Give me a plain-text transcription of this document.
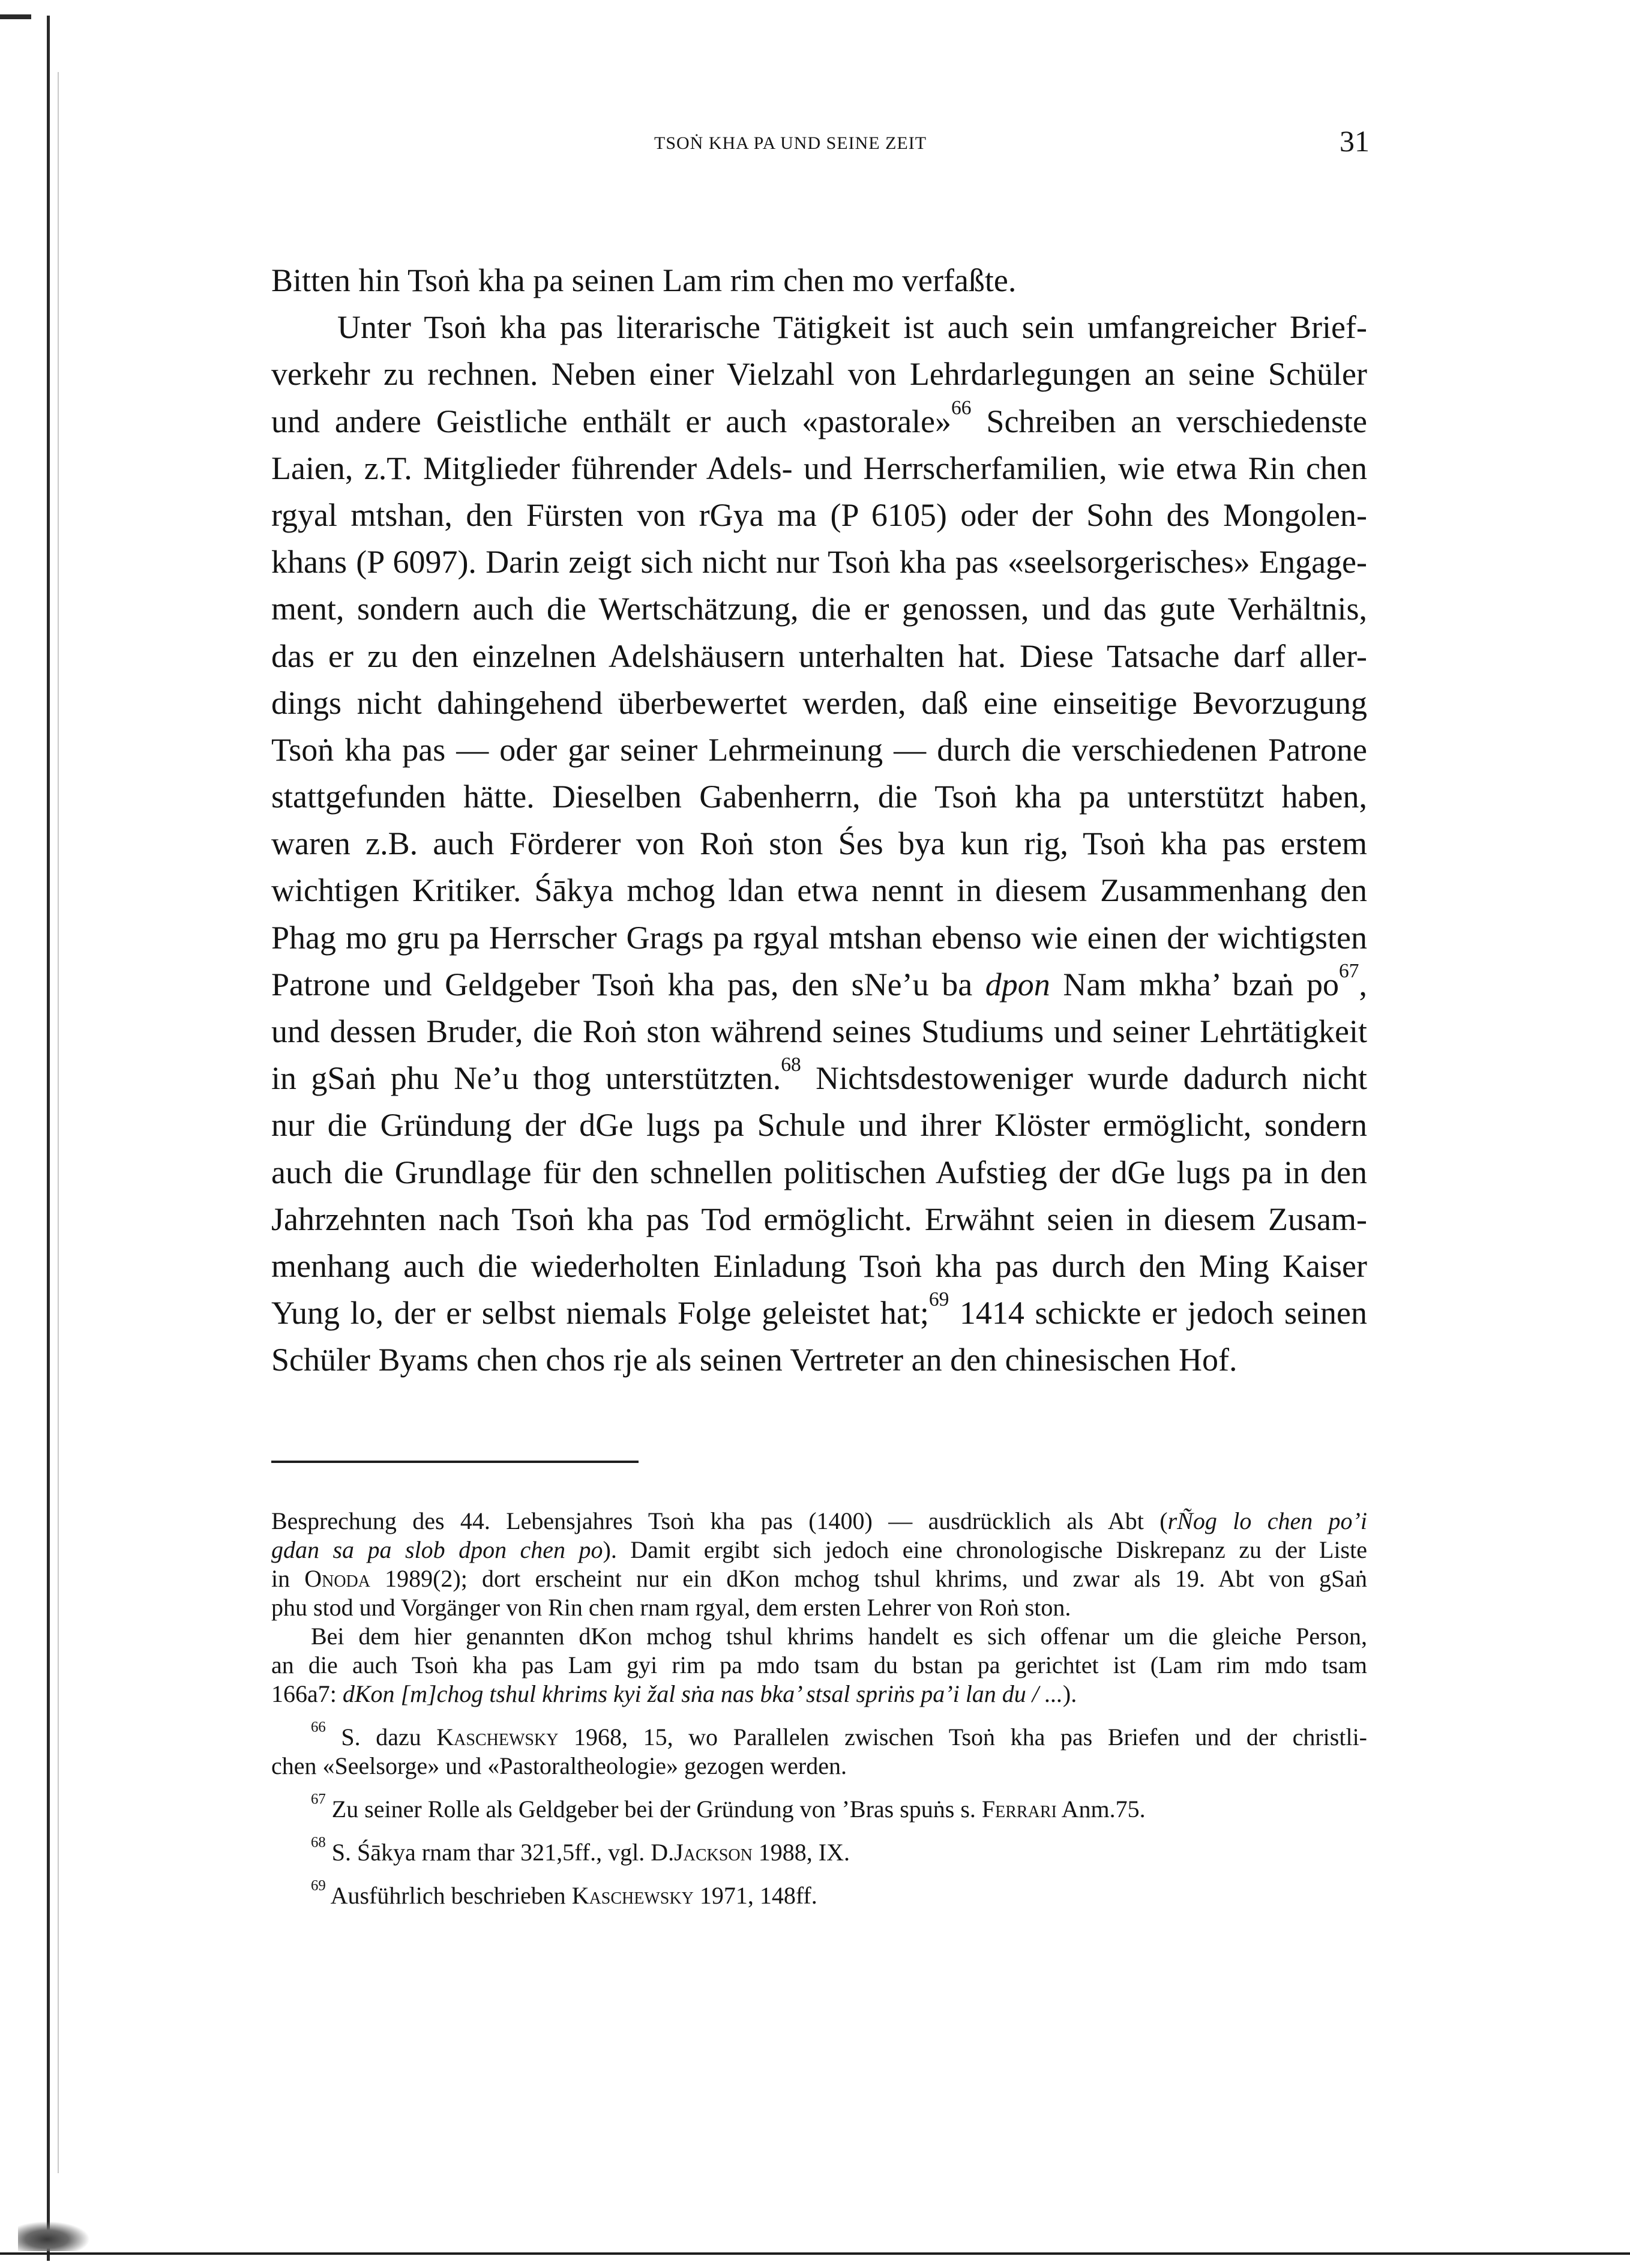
TSOṄ KHA PA UND SEINE ZEIT	31
Bitten hin Tsoṅ kha pa seinen Lam rim chen mo verfaßte.
Unter Tsoṅ kha pas literarische Tätigkeit ist auch sein umfangreicher Brief-
verkehr zu rechnen. Neben einer Vielzahl von Lehrdarlegungen an seine Schüler
und andere Geistliche enthält er auch «pastorale»$^{66}$ Schreiben an verschiedenste
Laien, z.T. Mitglieder führender Adels- und Herrscherfamilien, wie etwa Rin chen
rgyal mtshan, den Fürsten von rGya ma (P 6105) oder der Sohn des Mongolen-
khans (P 6097). Darin zeigt sich nicht nur Tsoṅ kha pas «seelsorgerisches» Engage-
ment, sondern auch die Wertschätzung, die er genossen, und das gute Verhältnis,
das er zu den einzelnen Adelshäusern unterhalten hat. Diese Tatsache darf aller-
dings nicht dahingehend überbewertet werden, daß eine einseitige Bevorzugung
Tsoṅ kha pas — oder gar seiner Lehrmeinung — durch die verschiedenen Patrone
stattgefunden hätte. Dieselben Gabenherrn, die Tsoṅ kha pa unterstützt haben,
waren z.B. auch Förderer von Roṅ ston Śes bya kun rig, Tsoṅ kha pas erstem
wichtigen Kritiker. Śākya mchog ldan etwa nennt in diesem Zusammenhang den
Phag mo gru pa Herrscher Grags pa rgyal mtshan ebenso wie einen der wichtigsten
Patrone und Geldgeber Tsoṅ kha pas, den sNe’u ba dpon Nam mkha’ bzaṅ $po^{67}$,
und dessen Bruder, die Roṅ ston während seines Studiums und seiner Lehrtätigkeit
in gSaṅ phu Ne’u thog unterstützten.$^{68}$ Nichtsdestoweniger wurde dadurch nicht
nur die Gründung der dGe lugs pa Schule und ihrer Klöster ermöglicht, sondern
auch die Grundlage für den schnellen politischen Aufstieg der dGe lugs pa in den
Jahrzehnten nach Tsoṅ kha pas Tod ermöglicht. Erwähnt seien in diesem Zusam-
menhang auch die wiederholten Einladung Tsoṅ kha pas durch den Ming Kaiser
Yung lo, der er selbst niemals Folge geleistet hat;$^{69}$ 1414 schickte er jedoch seinen
Schüler Byams chen chos rje als seinen Vertreter an den chinesischen Hof.
Besprechung des 44. Lebensjahres Tsoṅ kha pas (1400) — ausdrücklich als Abt (rÑog lo chen po’i
gdan sa pa slob dpon chen po). Damit ergibt sich jedoch eine chronologische Diskrepanz zu der Liste
in Onoda 1989(2); dort erscheint nur ein dKon mchog tshul khrims, und zwar als 19. Abt von gSaṅ
phu stod und Vorgänger von Rin chen rnam rgyal, dem ersten Lehrer von Roṅ ston.
Bei dem hier genannten dKon mchog tshul khrims handelt es sich offenar um die gleiche Person,
an die auch Tsoṅ kha pas Lam gyi rim pa mdo tsam du bstan pa gerichtet ist (Lam rim mdo tsam
166a7: dKon [m]chog tshul khrims kyi žal sṅa nas bka’ stsal spriṅs pa’i lan du / ...).
$^{66}$ S. dazu Kaschewsky 1968, 15, wo Parallelen zwischen Tsoṅ kha pas Briefen und der christli-
chen «Seelsorge» und «Pastoraltheologie» gezogen werden.
$^{67}$ Zu seiner Rolle als Geldgeber bei der Gründung von ’Bras spuṅs s. Ferrari Anm.75.
$^{68}$ S. Śākya rnam thar 321,5ff., vgl. D.Jackson 1988, IX.
$^{69}$ Ausführlich beschrieben Kaschewsky 1971, 148ff.
